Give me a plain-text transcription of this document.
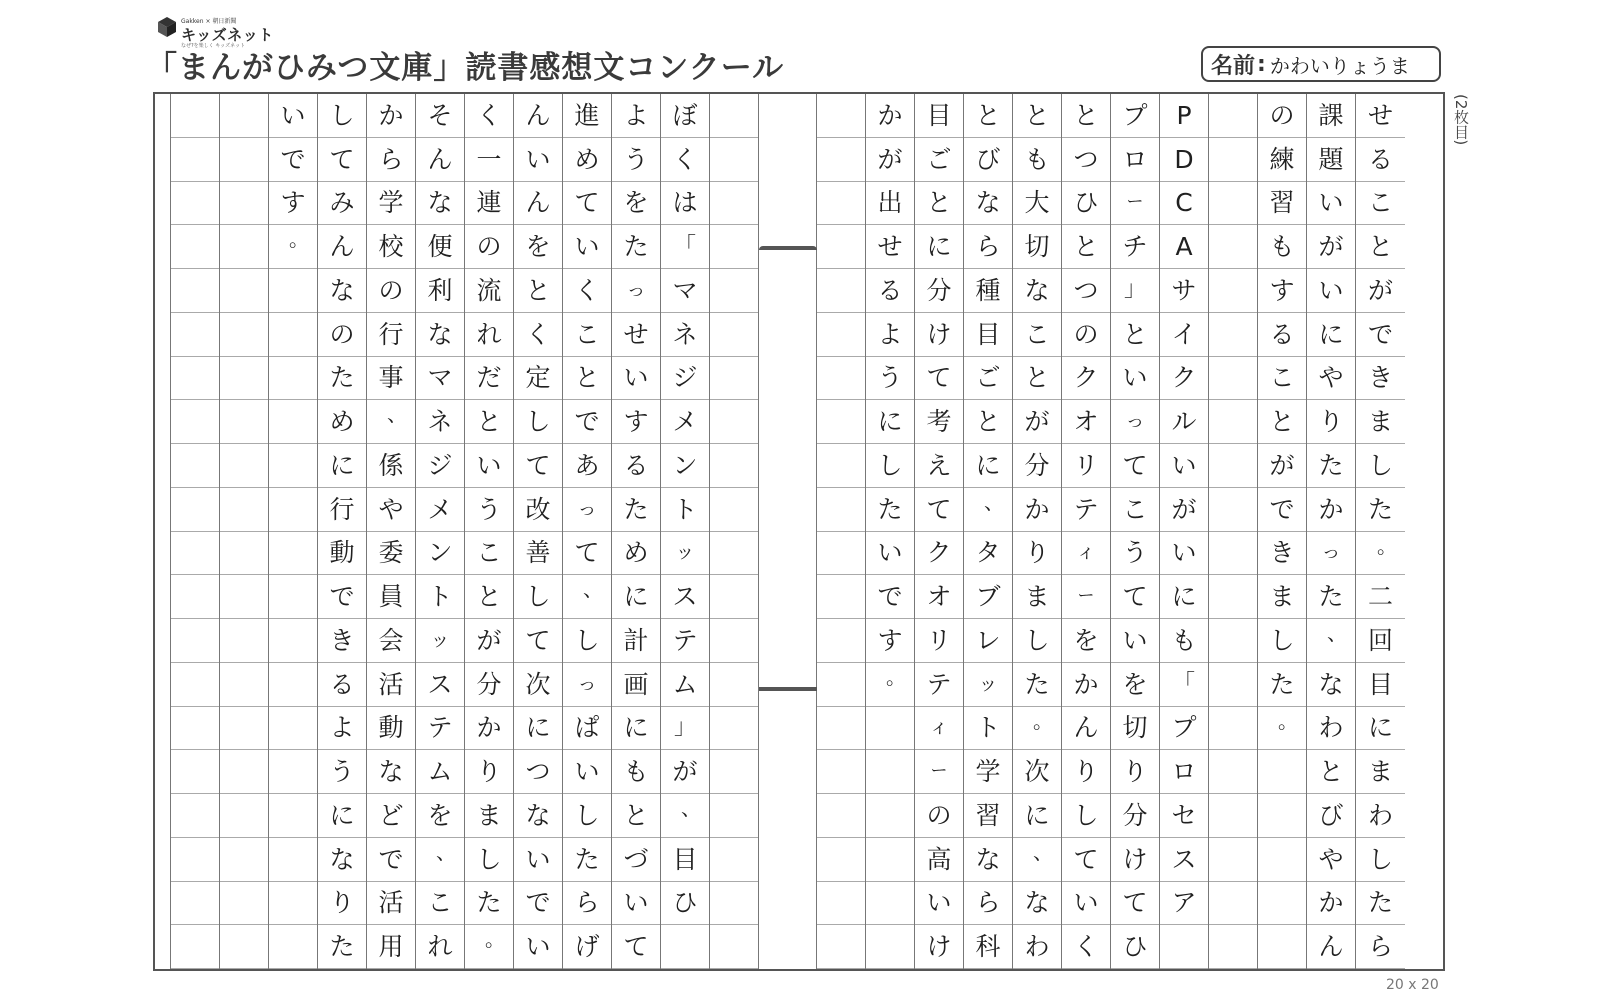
Gakken × 朝日新聞
キッズネット
なぜ?を楽しく キッズネット
「まんがひみつ文庫」読書感想文コンクール	名前 : かわいりょうま
(2枚目)
い
で
す
。
し
て
み
ん
な
の
た
め
に
行
動
で
き
る
よ
う
に
な
り
た
か
ら
学
校
の
行
事
、
係
や
委
員
会
活
動
な
ど
で
活
用
そ
ん
な
便
利
な
マ
ネ
ジ
メ
ン
ト
ッ
ス
テ
ム
を
、
こ
れ
く
一
連
の
流
れ
だ
と
い
う
こ
と
が
分
か
り
ま
し
た
。
ん
い
ん
を
と
く
定
し
て
改
善
し
て
次
に
つ
な
い
で
い
進
め
て
い
く
こ
と
で
あ
っ
て
、
し
っ
ぱ
い
し
た
ら
げ
よ
う
を
た
っ
せ
い
す
る
た
め
に
計
画
に
も
と
づ
い
て
ぼ
く
は
「
マ
ネ
ジ
メ
ン
ト
ッ
ス
テ
ム
」
が
、
目
ひ
か
が
出
せ
る
よ
う
に
し
た
い
で
す
。
目
ご
と
に
分
け
て
考
え
て
ク
オ
リ
テ
ィ
ー
の
高
い
け
と
び
な
ら
種
目
ご
と
に
、
タ
ブ
レ
ッ
ト
学
習
な
ら
科
と
も
大
切
な
こ
と
が
分
か
り
ま
し
た
。
次
に
、
な
わ
と
つ
ひ
と
つ
の
ク
オ
リ
テ
ィ
ー
を
か
ん
り
し
て
い
く
プ
ロ
ー
チ
」
と
い
っ
て
こ
う
て
い
を
切
り
分
け
て
ひ
P
D
C
A
サ
イ
ク
ル
い
が
い
に
も
「
プ
ロ
セ
ス
ア
の
練
習
も
す
る
こ
と
が
で
き
ま
し
た
。
課
題
い
が
い
に
や
り
た
か
っ
た
、
な
わ
と
び
や
か
ん
せ
る
こ
と
が
で
き
ま
し
た
。
二
回
目
に
ま
わ
し
た
ら
20 x 20
